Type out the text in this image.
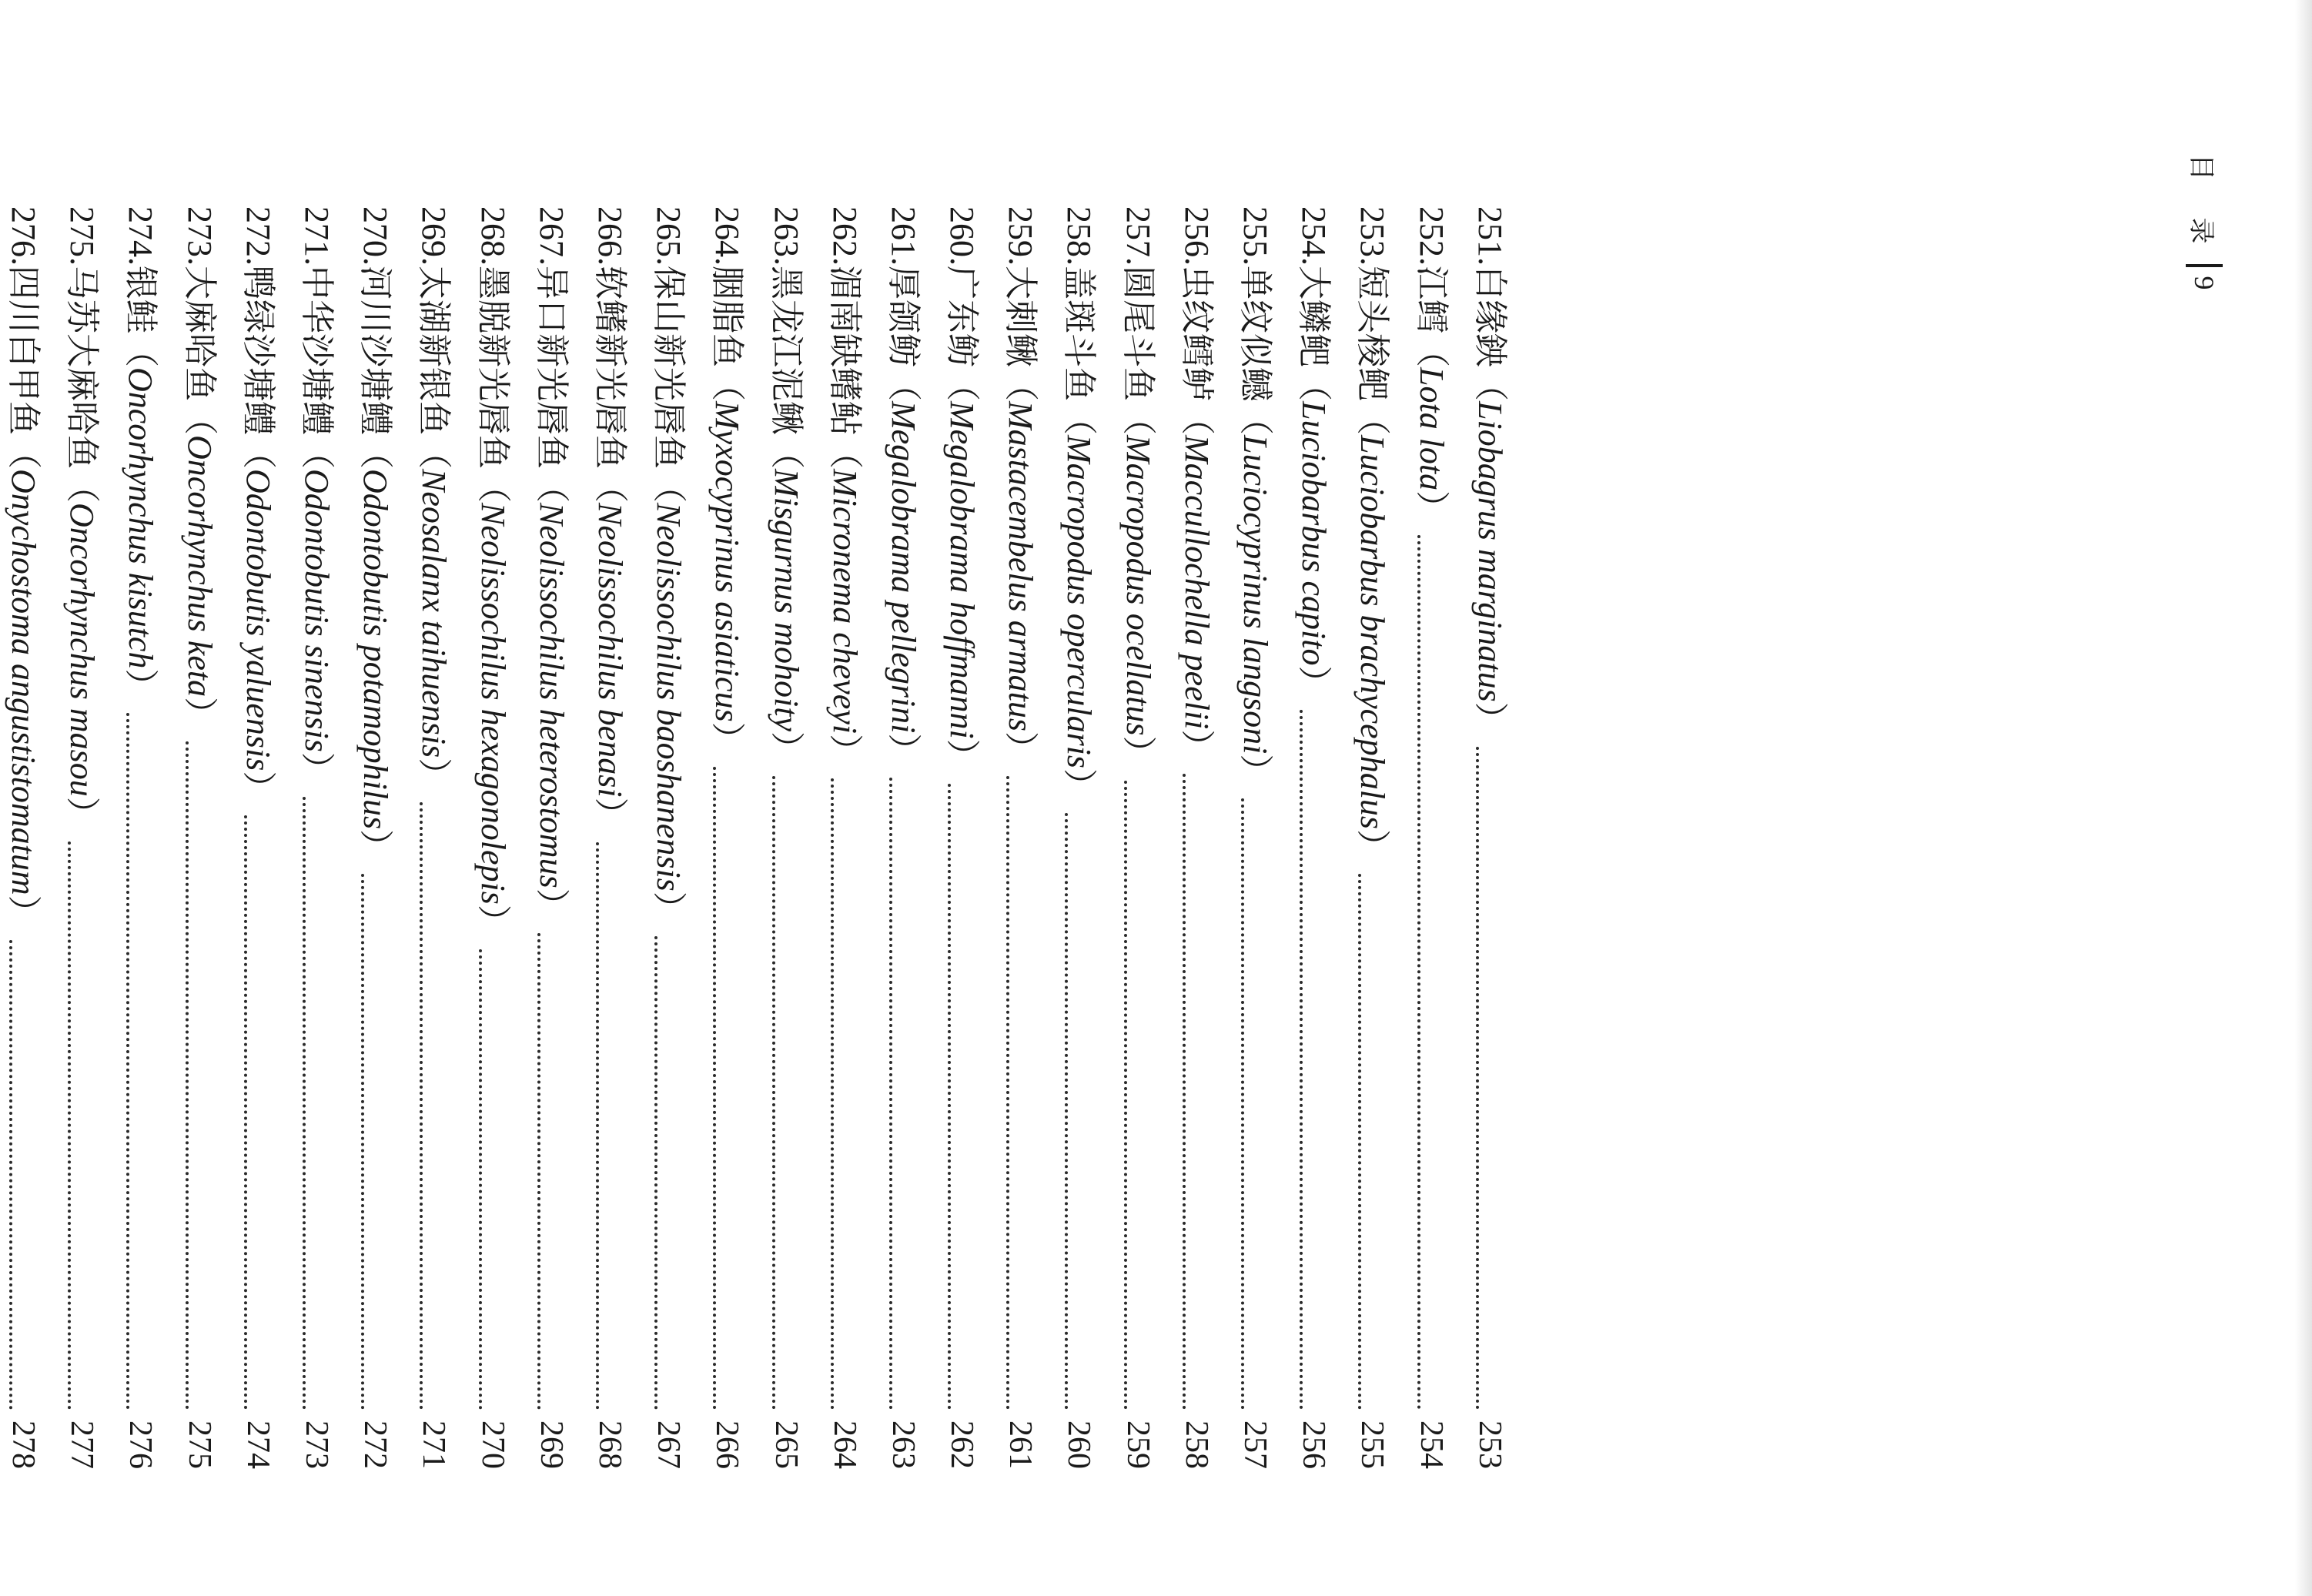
目 录
9
251.
白缘鉠
（
Liobagrus marginatus
）
253
252.
江鳕
（
Lota lota
）
254
253.
短头梭鲃
（
Luciobarbus brachycephalus
）
255
254.
大鳞鲃
（
Luciobarbus capito
）
256
255.
单纹似鳡
（
Luciocyprinus langsoni
）
257
256.
虫纹鳕鲈
（
Maccullochella peelii
）
258
257.
圆尾斗鱼
（
Macropodus ocellatus
）
259
258.
盖斑斗鱼
（
Macropodus opercularis
）
260
259.
大刺鳅
（
Mastacembelus armatus
）
261
260.
广东鲂
（
Megalobrama hoffmanni
）
262
261.
厚颌鲂
（
Megalobrama pellegrini
）
263
262.
湄南缺鳍鲇
（
Micronema cheveyi
）
264
263.
黑龙江泥鳅
（
Misgurnus mohoity
）
265
264.
胭脂鱼
（
Myxocyprinus asiaticus
）
266
265.
保山新光唇鱼
（
Neolissochilus baoshanensis
）
267
266.
软鳍新光唇鱼
（
Neolissochilus benasi
）
268
267.
异口新光唇鱼
（
Neolissochilus heterostomus
）
269
268.
墨脱新光唇鱼
（
Neolissochilus hexagonolepis
）
270
269.
太湖新银鱼
（
Neosalanx taihuensis
）
271
270.
河川沙塘鳢
（
Odontobutis potamophilus
）
272
271.
中华沙塘鳢
（
Odontobutis sinensis
）
273
272.
鸭绿沙塘鳢
（
Odontobutis yaluensis
）
274
273.
大麻哈鱼
（
Oncorhynchus keta
）
275
274.
银鲑
（
Oncorhynchus kisutch
）
276
275.
马苏大麻哈鱼
（
Oncorhynchus masou
）
277
276.
四川白甲鱼
（
Onychostoma angustistomatum
）
278
